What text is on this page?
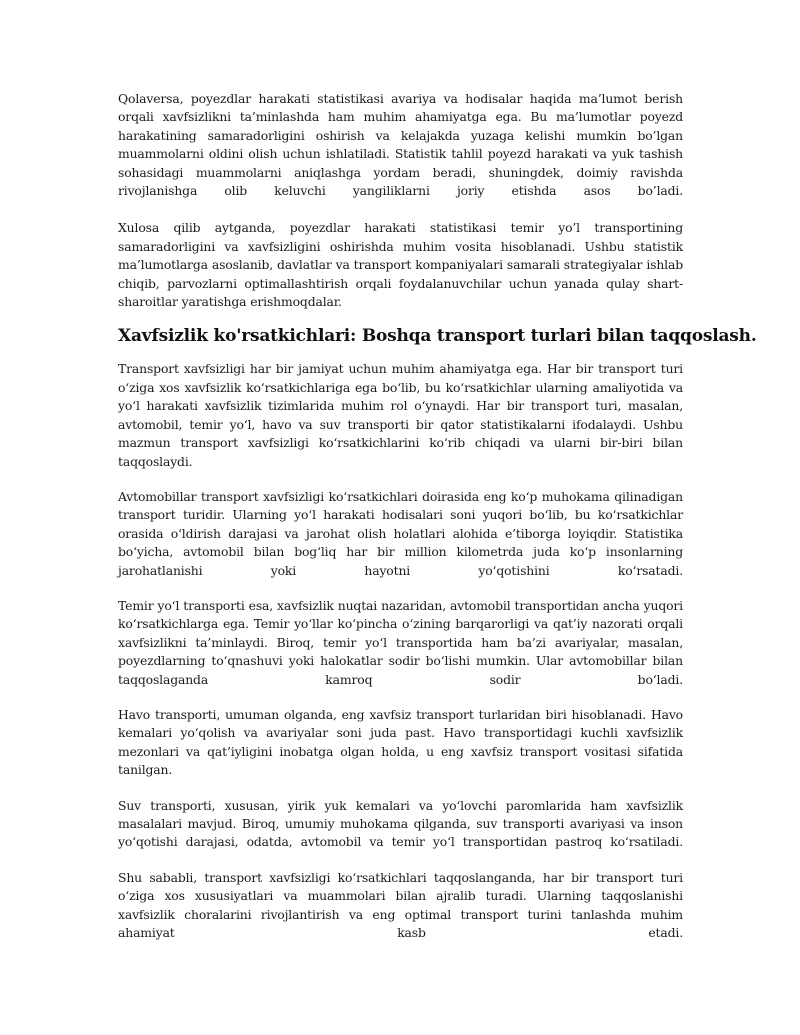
Qolaversa, poyezdlar harakati statistikasi avariya va hodisalar haqida ma’lumot berish orqali xavfsizlikni ta’minlashda ham muhim ahamiyatga ega. Bu ma’lumotlar poyezd harakatining samaradorligini oshirish va kelajakda yuzaga kelishi mumkin bo’lgan muammolarni oldini olish uchun ishlatiladi. Statistik tahlil poyezd harakati va yuk tashish sohasidagi muammolarni aniqlashga yordam beradi, shuningdek, doimiy ravishda rivojlanishga olib keluvchi yangiliklarni joriy etishda asos bo’ladi.

Xulosa qilib aytganda, poyezdlar harakati statistikasi temir yo’l transportining samaradorligini va xavfsizligini oshirishda muhim vosita hisoblanadi. Ushbu statistik ma’lumotlarga asoslanib, davlatlar va transport kompaniyalari samarali strategiyalar ishlab chiqib, parvozlarni optimallashtirish orqali foydalanuvchilar uchun yanada qulay shart-sharoitlar yaratishga erishmoqdalar.

Xavfsizlik ko'rsatkichlari: Boshqa transport turlari bilan taqqoslash.

Transport xavfsizligi har bir jamiyat uchun muhim ahamiyatga ega. Har bir transport turi o‘ziga xos xavfsizlik ko‘rsatkichlariga ega bo‘lib, bu ko‘rsatkichlar ularning amaliyotida va yo‘l harakati xavfsizlik tizimlarida muhim rol o‘ynaydi. Har bir transport turi, masalan, avtomobil, temir yo‘l, havo va suv transporti bir qator statistikalarni ifodalaydi. Ushbu mazmun transport xavfsizligi ko‘rsatkichlarini ko‘rib chiqadi va ularni bir-biri bilan taqqoslaydi.

Avtomobillar transport xavfsizligi ko‘rsatkichlari doirasida eng ko‘p muhokama qilinadigan transport turidir. Ularning yo‘l harakati hodisalari soni yuqori bo‘lib, bu ko‘rsatkichlar orasida o‘ldirish darajasi va jarohat olish holatlari alohida e’tiborga loyiqdir. Statistika bo‘yicha, avtomobil bilan bog‘liq har bir million kilometrda juda ko‘p insonlarning jarohatlanishi yoki hayotni yo‘qotishini ko‘rsatadi.

Temir yo‘l transporti esa, xavfsizlik nuqtai nazaridan, avtomobil transportidan ancha yuqori ko‘rsatkichlarga ega. Temir yo‘llar ko‘pincha o‘zining barqarorligi va qat’iy nazorati orqali xavfsizlikni ta’minlaydi. Biroq, temir yo‘l transportida ham ba’zi avariyalar, masalan, poyezdlarning to‘qnashuvi yoki halokatlar sodir bo‘lishi mumkin. Ular avtomobillar bilan taqqoslaganda kamroq sodir bo‘ladi.

Havo transporti, umuman olganda, eng xavfsiz transport turlaridan biri hisoblanadi. Havo kemalari yo‘qolish va avariyalar soni juda past. Havo transportidagi kuchli xavfsizlik mezonlari va qat’iyligini inobatga olgan holda, u eng xavfsiz transport vositasi sifatida tanilgan.

Suv transporti, xususan, yirik yuk kemalari va yo‘lovchi paromlarida ham xavfsizlik masalalari mavjud. Biroq, umumiy muhokama qilganda, suv transporti avariyasi va inson yo‘qotishi darajasi, odatda, avtomobil va temir yo‘l transportidan pastroq ko‘rsatiladi.

Shu sababli, transport xavfsizligi ko‘rsatkichlari taqqoslanganda, har bir transport turi o‘ziga xos xususiyatlari va muammolari bilan ajralib turadi. Ularning taqqoslanishi xavfsizlik choralarini rivojlantirish va eng optimal transport turini tanlashda muhim ahamiyat kasb etadi.
